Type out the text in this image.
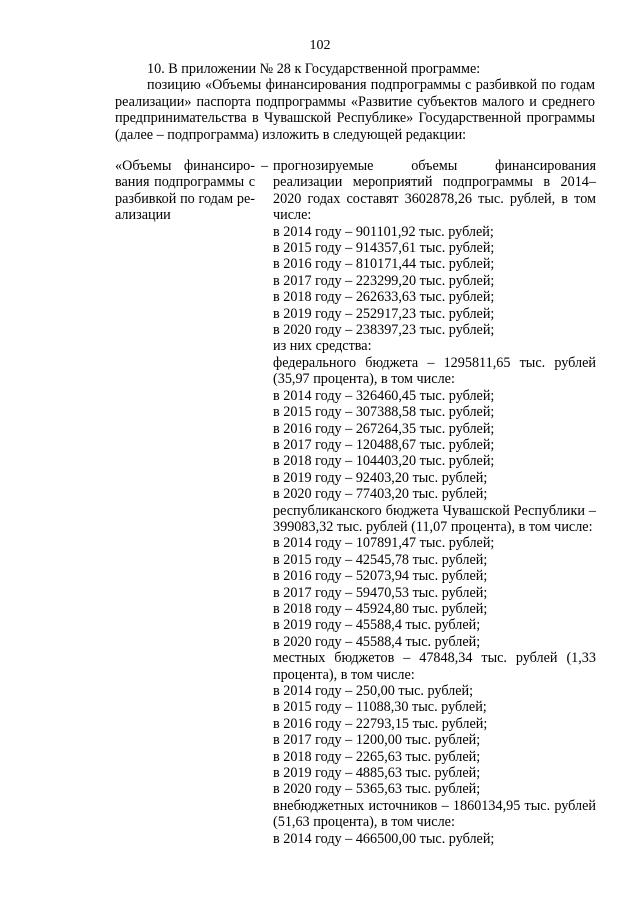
102

10. В приложении № 28 к Государственной программе:

позицию «Объемы финансирования подпрограммы с разбивкой по годам реализации» паспорта подпрограммы «Развитие субъектов малого и среднего предпринимательства в Чувашской Республике» Государственной программы (далее – подпрограмма) изложить в следующей редакции:

«Объемы финансиро-вания подпрограммы с разбивкой по годам ре-ализации
– прогнозируемые объемы финансирования реализации мероприятий подпрограммы в 2014–2020 годах составят 3602878,26 тыс. рублей, в том числе:
в 2014 году – 901101,92 тыс. рублей;
в 2015 году – 914357,61 тыс. рублей;
в 2016 году – 810171,44 тыс. рублей;
в 2017 году – 223299,20 тыс. рублей;
в 2018 году – 262633,63 тыс. рублей;
в 2019 году – 252917,23 тыс. рублей;
в 2020 году – 238397,23 тыс. рублей;
из них средства:
федерального бюджета – 1295811,65 тыс. рублей (35,97 процента), в том числе:
в 2014 году – 326460,45 тыс. рублей;
в 2015 году – 307388,58 тыс. рублей;
в 2016 году – 267264,35 тыс. рублей;
в 2017 году – 120488,67 тыс. рублей;
в 2018 году – 104403,20 тыс. рублей;
в 2019 году – 92403,20 тыс. рублей;
в 2020 году – 77403,20 тыс. рублей;
республиканского бюджета Чувашской Республики – 399083,32 тыс. рублей (11,07 процента), в том числе:
в 2014 году – 107891,47 тыс. рублей;
в 2015 году – 42545,78 тыс. рублей;
в 2016 году – 52073,94 тыс. рублей;
в 2017 году – 59470,53 тыс. рублей;
в 2018 году – 45924,80 тыс. рублей;
в 2019 году – 45588,4 тыс. рублей;
в 2020 году – 45588,4 тыс. рублей;
местных бюджетов – 47848,34 тыс. рублей (1,33 процента), в том числе:
в 2014 году – 250,00 тыс. рублей;
в 2015 году – 11088,30 тыс. рублей;
в 2016 году – 22793,15 тыс. рублей;
в 2017 году – 1200,00 тыс. рублей;
в 2018 году – 2265,63 тыс. рублей;
в 2019 году – 4885,63 тыс. рублей;
в 2020 году – 5365,63 тыс. рублей;
внебюджетных источников – 1860134,95 тыс. рублей (51,63 процента), в том числе:
в 2014 году – 466500,00 тыс. рублей;
